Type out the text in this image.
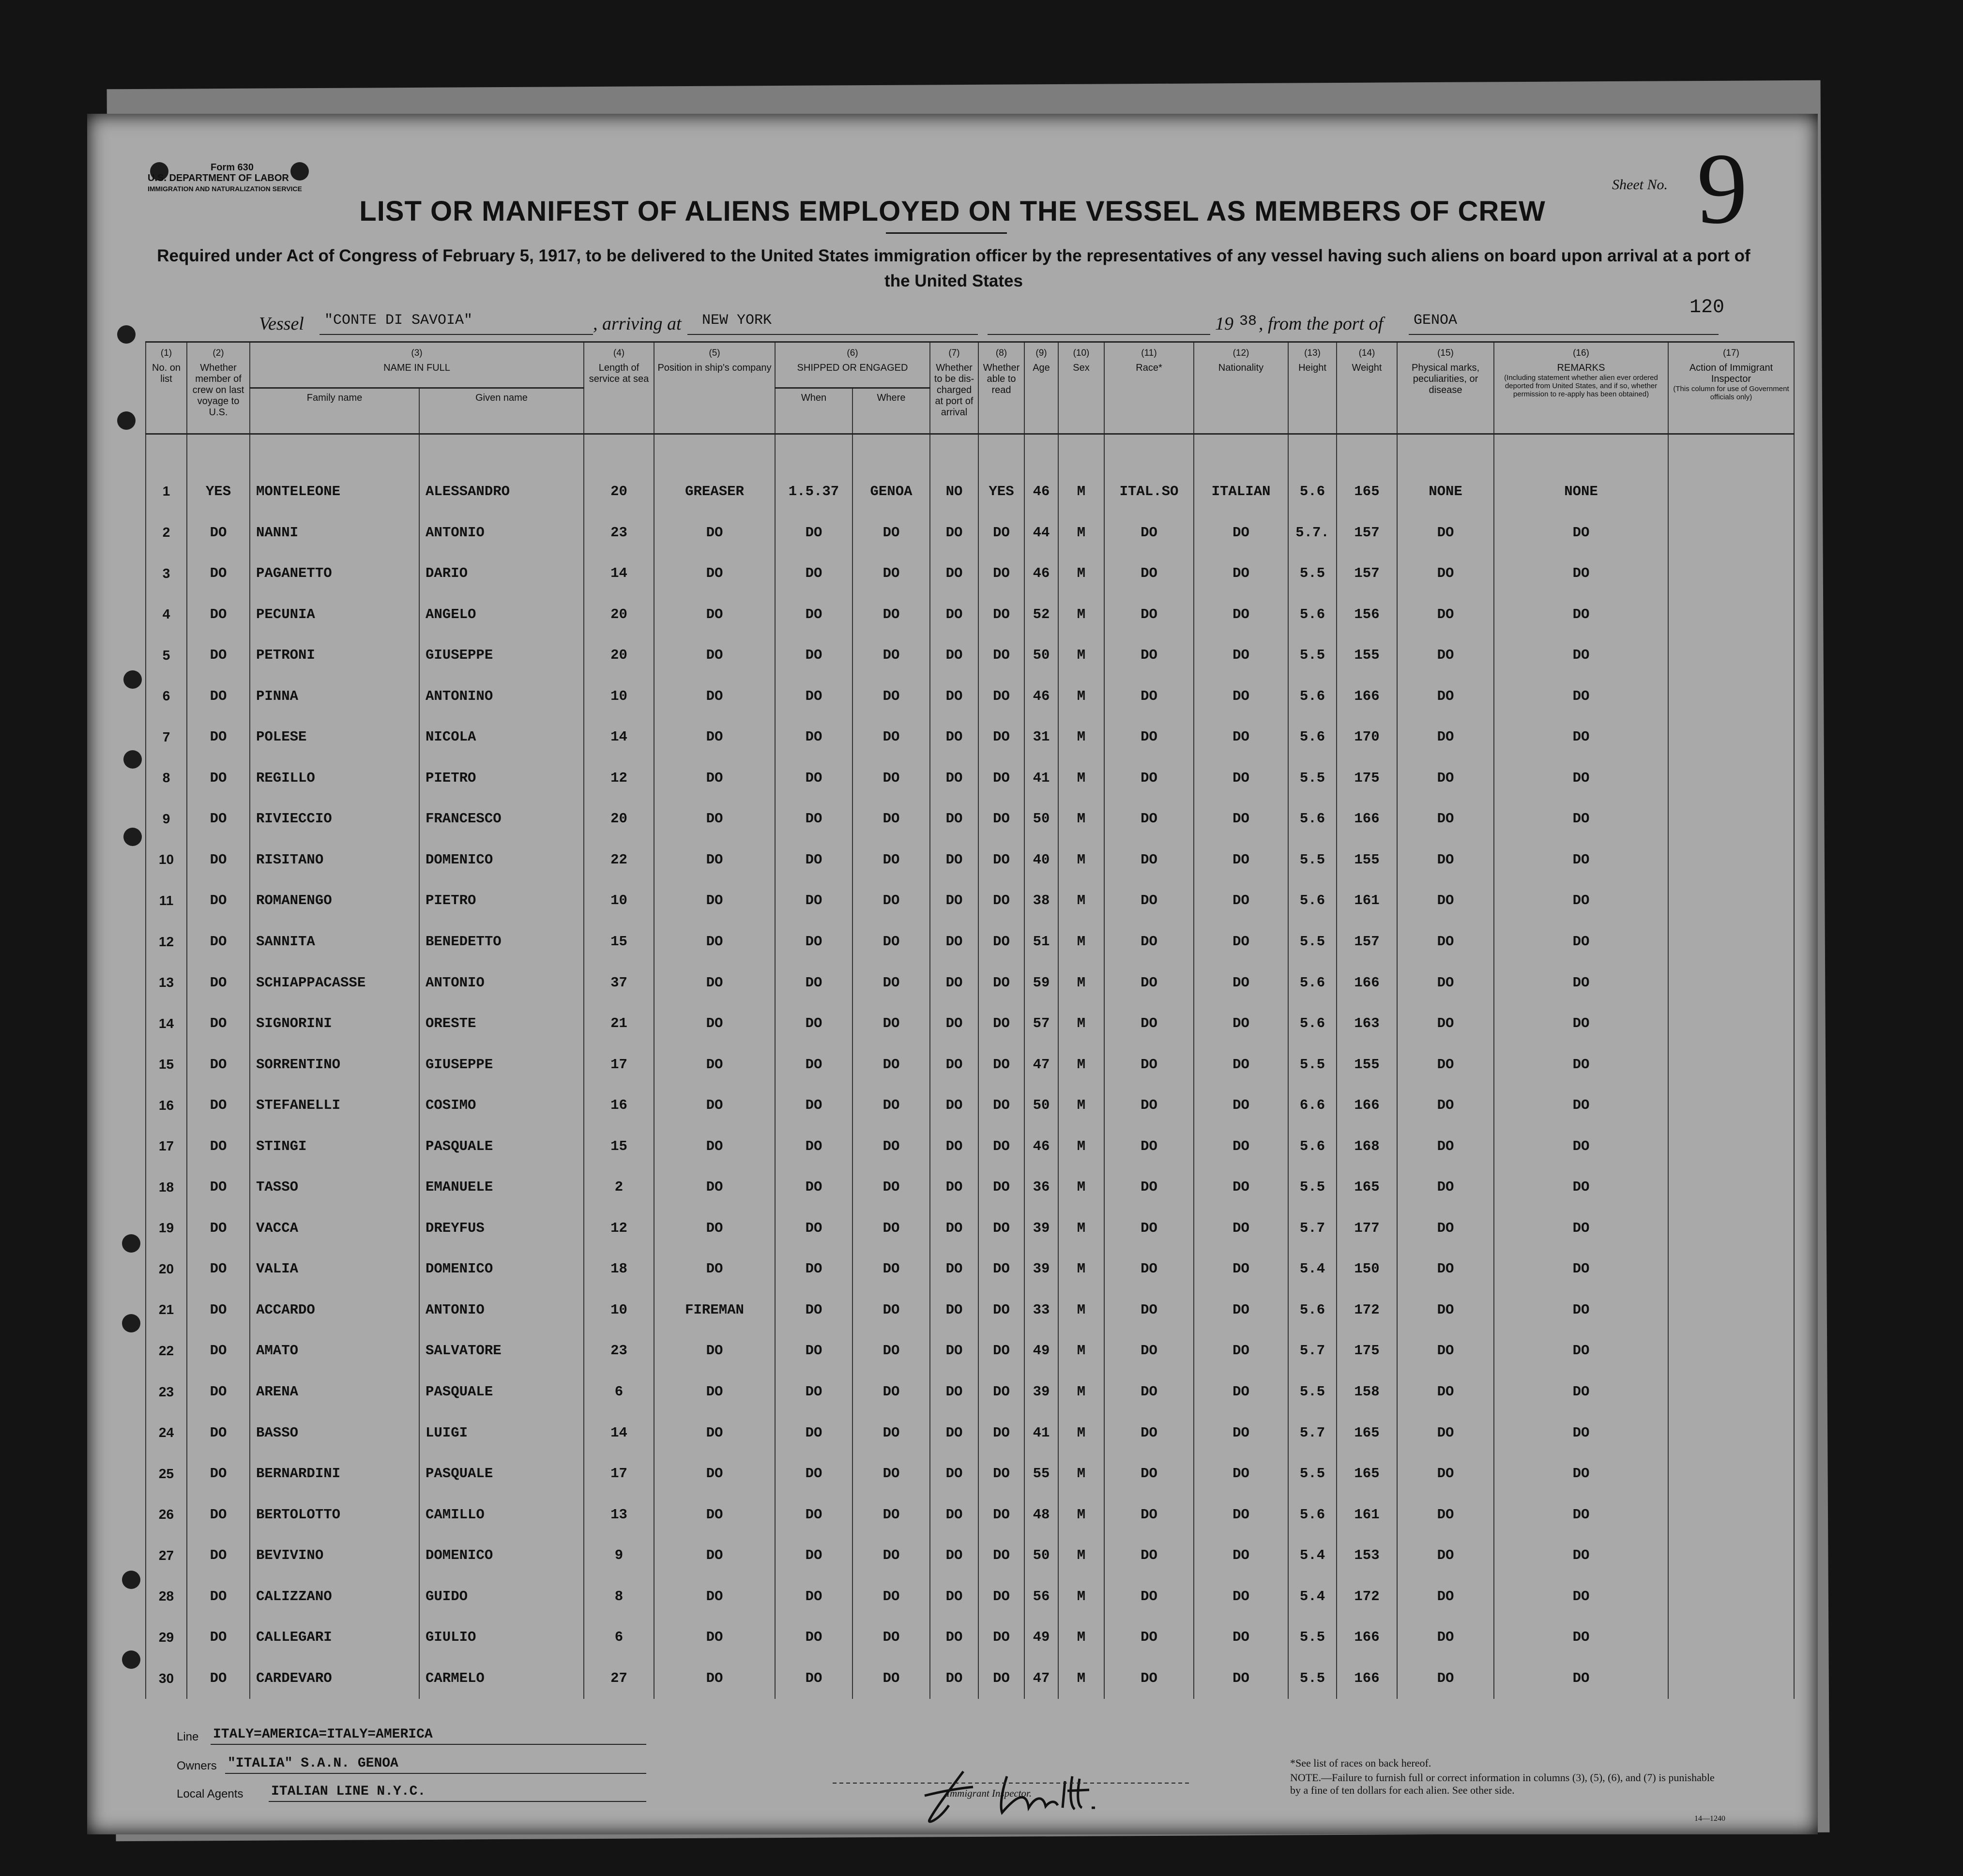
Form 630
U.S. DEPARTMENT OF LABOR
IMMIGRATION AND NATURALIZATION SERVICE	Sheet No. 9
LIST OR MANIFEST OF ALIENS EMPLOYED ON THE VESSEL AS MEMBERS OF CREW
Required under Act of Congress of February 5, 1917, to be delivered to the United States immigration officer by the representatives of any vessel having such aliens on board upon arrival at a port of the United States
120
Vessel "CONTE DI SAVOIA"	, arriving at NEW YORK	19 38 , from the port of GENOA
(1)
No. on list	(2)
Whether member of crew on last voyage to U.S.	(3)
NAME IN FULL		(4)
Length of service at sea	(5)
Position in ship's company	(6)
SHIPPED OR ENGAGED		(7)
Whether to be dis-charged at port of arrival	(8)
Whether able to read	(9)
Age	(10)
Sex	(11)
Race*	(12)
Nationality	(13)
Height	(14)
Weight	(15)
Physical marks, peculiarities, or disease	(16)
REMARKS
(Including statement whether alien ever ordered deported from United States, and if so, whether permission to re-apply has been obtained)	(17)
Action of Immigrant Inspector
(This column for use of Government officials only)

		Family name	Given name			When	Where											

1	YES	MONTELEONE	ALESSANDRO	20	GREASER	1.5.37	GENOA	NO	YES	46	M	ITAL.SO	ITALIAN	5.6	165	NONE	NONE	
2	DO	NANNI	ANTONIO	23	DO	DO	DO	DO	DO	44	M	DO	DO	5.7.	157	DO	DO	
3	DO	PAGANETTO	DARIO	14	DO	DO	DO	DO	DO	46	M	DO	DO	5.5	157	DO	DO	
4	DO	PECUNIA	ANGELO	20	DO	DO	DO	DO	DO	52	M	DO	DO	5.6	156	DO	DO	
5	DO	PETRONI	GIUSEPPE	20	DO	DO	DO	DO	DO	50	M	DO	DO	5.5	155	DO	DO	
6	DO	PINNA	ANTONINO	10	DO	DO	DO	DO	DO	46	M	DO	DO	5.6	166	DO	DO	
7	DO	POLESE	NICOLA	14	DO	DO	DO	DO	DO	31	M	DO	DO	5.6	170	DO	DO	
8	DO	REGILLO	PIETRO	12	DO	DO	DO	DO	DO	41	M	DO	DO	5.5	175	DO	DO	
9	DO	RIVIECCIO	FRANCESCO	20	DO	DO	DO	DO	DO	50	M	DO	DO	5.6	166	DO	DO	
10	DO	RISITANO	DOMENICO	22	DO	DO	DO	DO	DO	40	M	DO	DO	5.5	155	DO	DO	
11	DO	ROMANENGO	PIETRO	10	DO	DO	DO	DO	DO	38	M	DO	DO	5.6	161	DO	DO	
12	DO	SANNITA	BENEDETTO	15	DO	DO	DO	DO	DO	51	M	DO	DO	5.5	157	DO	DO	
13	DO	SCHIAPPACASSE	ANTONIO	37	DO	DO	DO	DO	DO	59	M	DO	DO	5.6	166	DO	DO	
14	DO	SIGNORINI	ORESTE	21	DO	DO	DO	DO	DO	57	M	DO	DO	5.6	163	DO	DO	
15	DO	SORRENTINO	GIUSEPPE	17	DO	DO	DO	DO	DO	47	M	DO	DO	5.5	155	DO	DO	
16	DO	STEFANELLI	COSIMO	16	DO	DO	DO	DO	DO	50	M	DO	DO	6.6	166	DO	DO	
17	DO	STINGI	PASQUALE	15	DO	DO	DO	DO	DO	46	M	DO	DO	5.6	168	DO	DO	
18	DO	TASSO	EMANUELE	2	DO	DO	DO	DO	DO	36	M	DO	DO	5.5	165	DO	DO	
19	DO	VACCA	DREYFUS	12	DO	DO	DO	DO	DO	39	M	DO	DO	5.7	177	DO	DO	
20	DO	VALIA	DOMENICO	18	DO	DO	DO	DO	DO	39	M	DO	DO	5.4	150	DO	DO	
21	DO	ACCARDO	ANTONIO	10	FIREMAN	DO	DO	DO	DO	33	M	DO	DO	5.6	172	DO	DO	
22	DO	AMATO	SALVATORE	23	DO	DO	DO	DO	DO	49	M	DO	DO	5.7	175	DO	DO	
23	DO	ARENA	PASQUALE	6	DO	DO	DO	DO	DO	39	M	DO	DO	5.5	158	DO	DO	
24	DO	BASSO	LUIGI	14	DO	DO	DO	DO	DO	41	M	DO	DO	5.7	165	DO	DO	
25	DO	BERNARDINI	PASQUALE	17	DO	DO	DO	DO	DO	55	M	DO	DO	5.5	165	DO	DO	
26	DO	BERTOLOTTO	CAMILLO	13	DO	DO	DO	DO	DO	48	M	DO	DO	5.6	161	DO	DO	
27	DO	BEVIVINO	DOMENICO	9	DO	DO	DO	DO	DO	50	M	DO	DO	5.4	153	DO	DO	
28	DO	CALIZZANO	GUIDO	8	DO	DO	DO	DO	DO	56	M	DO	DO	5.4	172	DO	DO	
29	DO	CALLEGARI	GIULIO	6	DO	DO	DO	DO	DO	49	M	DO	DO	5.5	166	DO	DO	
30	DO	CARDEVARO	CARMELO	27	DO	DO	DO	DO	DO	47	M	DO	DO	5.5	166	DO	DO	
Line ITALY=AMERICA=ITALY=AMERICA
Owners "ITALIA" S.A.N. GENOA
Local Agents ITALIAN LINE N.Y.C.	Immigrant Inspector.
*See list of races on back hereof.
NOTE.—Failure to furnish full or correct information in columns (3), (5), (6), and (7) is punishable by a fine of ten dollars for each alien. See other side.
14—1240
